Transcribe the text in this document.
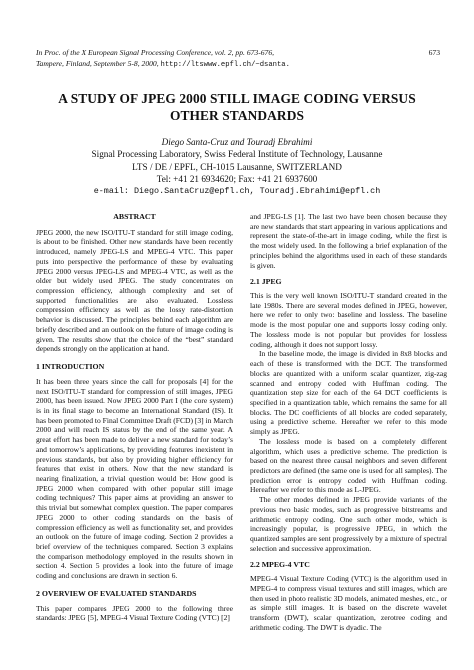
In Proc. of the X European Signal Processing Conference, vol. 2, pp. 673-676,
Tampere, Finland, September 5-8, 2000, http://ltswww.epfl.ch/~dsanta.
673
A STUDY OF JPEG 2000 STILL IMAGE CODING VERSUS
OTHER STANDARDS
Diego Santa-Cruz and Touradj Ebrahimi
Signal Processing Laboratory, Swiss Federal Institute of Technology, Lausanne
LTS / DE / EPFL, CH-1015 Lausanne, SWITZERLAND
Tel: +41 21 6934620; Fax: +41 21 6937600
e-mail: Diego.SantaCruz@epfl.ch, Touradj.Ebrahimi@epfl.ch
ABSTRACT

JPEG 2000, the new ISO/ITU-T standard for still image coding, is about to be finished. Other new standards have been recently introduced, namely JPEG-LS and MPEG-4 VTC. This paper puts into perspective the performance of these by evaluating JPEG 2000 versus JPEG-LS and MPEG-4 VTC, as well as the older but widely used JPEG. The study concentrates on compression efficiency, although complexity and set of supported functionalities are also evaluated. Lossless compression efficiency as well as the lossy rate-distortion behavior is discussed. The principles behind each algorithm are briefly described and an outlook on the future of image coding is given. The results show that the choice of the “best” standard depends strongly on the application at hand.

1 INTRODUCTION

It has been three years since the call for proposals [4] for the next ISO/ITU-T standard for compression of still images, JPEG 2000, has been issued. Now JPEG 2000 Part I (the core system) is in its final stage to become an International Standard (IS). It has been promoted to Final Committee Draft (FCD) [3] in March 2000 and will reach IS status by the end of the same year. A great effort has been made to deliver a new standard for today’s and tomorrow’s applications, by providing features inexistent in previous standards, but also by providing higher efficiency for features that exist in others. Now that the new standard is nearing finalization, a trivial question would be: How good is JPEG 2000 when compared with other popular still image coding techniques? This paper aims at providing an answer to this trivial but somewhat complex question. The paper compares JPEG 2000 to other coding standards on the basis of compression efficiency as well as functionality set, and provides an outlook on the future of image coding. Section 2 provides a brief overview of the techniques compared. Section 3 explains the comparison methodology employed in the results shown in section 4. Section 5 provides a look into the future of image coding and conclusions are drawn in section 6.

2 OVERVIEW OF EVALUATED STANDARDS

This paper compares JPEG 2000 to the following three standards: JPEG [5], MPEG-4 Visual Texture Coding (VTC) [2]

and JPEG-LS [1]. The last two have been chosen because they are new standards that start appearing in various applications and represent the state-of-the-art in image coding, while the first is the most widely used. In the following a brief explanation of the principles behind the algorithms used in each of these standards is given.

2.1 JPEG

This is the very well known ISO/ITU-T standard created in the late 1980s. There are several modes defined in JPEG, however, here we refer to only two: baseline and lossless. The baseline mode is the most popular one and supports lossy coding only. The lossless mode is not popular but provides for lossless coding, although it does not support lossy.

In the baseline mode, the image is divided in 8x8 blocks and each of these is transformed with the DCT. The transformed blocks are quantized with a uniform scalar quantizer, zig-zag scanned and entropy coded with Huffman coding. The quantization step size for each of the 64 DCT coefficients is specified in a quantization table, which remains the same for all blocks. The DC coefficients of all blocks are coded separately, using a predictive scheme. Hereafter we refer to this mode simply as JPEG.

The lossless mode is based on a completely different algorithm, which uses a predictive scheme. The prediction is based on the nearest three causal neighbors and seven different predictors are defined (the same one is used for all samples). The prediction error is entropy coded with Huffman coding. Hereafter we refer to this mode as L-JPEG.

The other modes defined in JPEG provide variants of the previous two basic modes, such as progressive bitstreams and arithmetic entropy coding. One such other mode, which is increasingly popular, is progressive JPEG, in which the quantized samples are sent progressively by a mixture of spectral selection and successive approximation.

2.2 MPEG-4 VTC

MPEG-4 Visual Texture Coding (VTC) is the algorithm used in MPEG-4 to compress visual textures and still images, which are then used in photo realistic 3D models, animated meshes, etc., or as simple still images. It is based on the discrete wavelet transform (DWT), scalar quantization, zerotree coding and arithmetic coding. The DWT is dyadic. The
